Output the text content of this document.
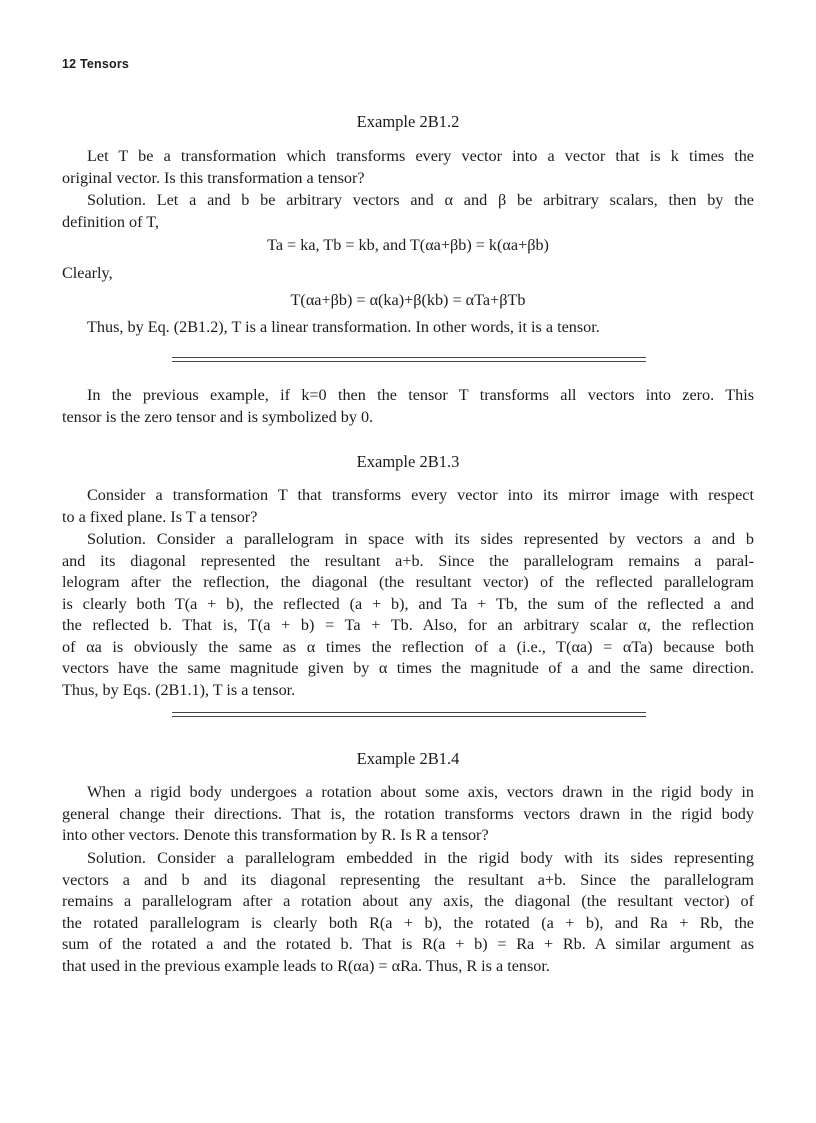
12 Tensors
Example 2B1.2
Let T be a transformation which transforms every vector into a vector that is k times the
original vector. Is this transformation a tensor?
Solution. Let a and b be arbitrary vectors and α and β be arbitrary scalars, then by the
definition of T,
Ta = ka, Tb = kb, and T(αa+βb) = k(αa+βb)
Clearly,
T(αa+βb) = α(ka)+β(kb) = αTa+βTb
Thus, by Eq. (2B1.2), T is a linear transformation. In other words, it is a tensor.
In the previous example, if k=0 then the tensor T transforms all vectors into zero. This
tensor is the zero tensor and is symbolized by 0.
Example 2B1.3
Consider a transformation T that transforms every vector into its mirror image with respect
to a fixed plane. Is T a tensor?
Solution. Consider a parallelogram in space with its sides represented by vectors a and b
and its diagonal represented the resultant a+b. Since the parallelogram remains a paral-
lelogram after the reflection, the diagonal (the resultant vector) of the reflected parallelogram
is clearly both T(a + b), the reflected (a + b), and Ta + Tb, the sum of the reflected a and
the reflected b. That is, T(a + b) = Ta + Tb. Also, for an arbitrary scalar α, the reflection
of αa is obviously the same as α times the reflection of a (i.e., T(αa) = αTa) because both
vectors have the same magnitude given by α times the magnitude of a and the same direction.
Thus, by Eqs. (2B1.1), T is a tensor.
Example 2B1.4
When a rigid body undergoes a rotation about some axis, vectors drawn in the rigid body in
general change their directions. That is, the rotation transforms vectors drawn in the rigid body
into other vectors. Denote this transformation by R. Is R a tensor?
Solution. Consider a parallelogram embedded in the rigid body with its sides representing
vectors a and b and its diagonal representing the resultant a+b. Since the parallelogram
remains a parallelogram after a rotation about any axis, the diagonal (the resultant vector) of
the rotated parallelogram is clearly both R(a + b), the rotated (a + b), and Ra + Rb, the
sum of the rotated a and the rotated b. That is R(a + b) = Ra + Rb. A similar argument as
that used in the previous example leads to R(αa) = αRa. Thus, R is a tensor.
